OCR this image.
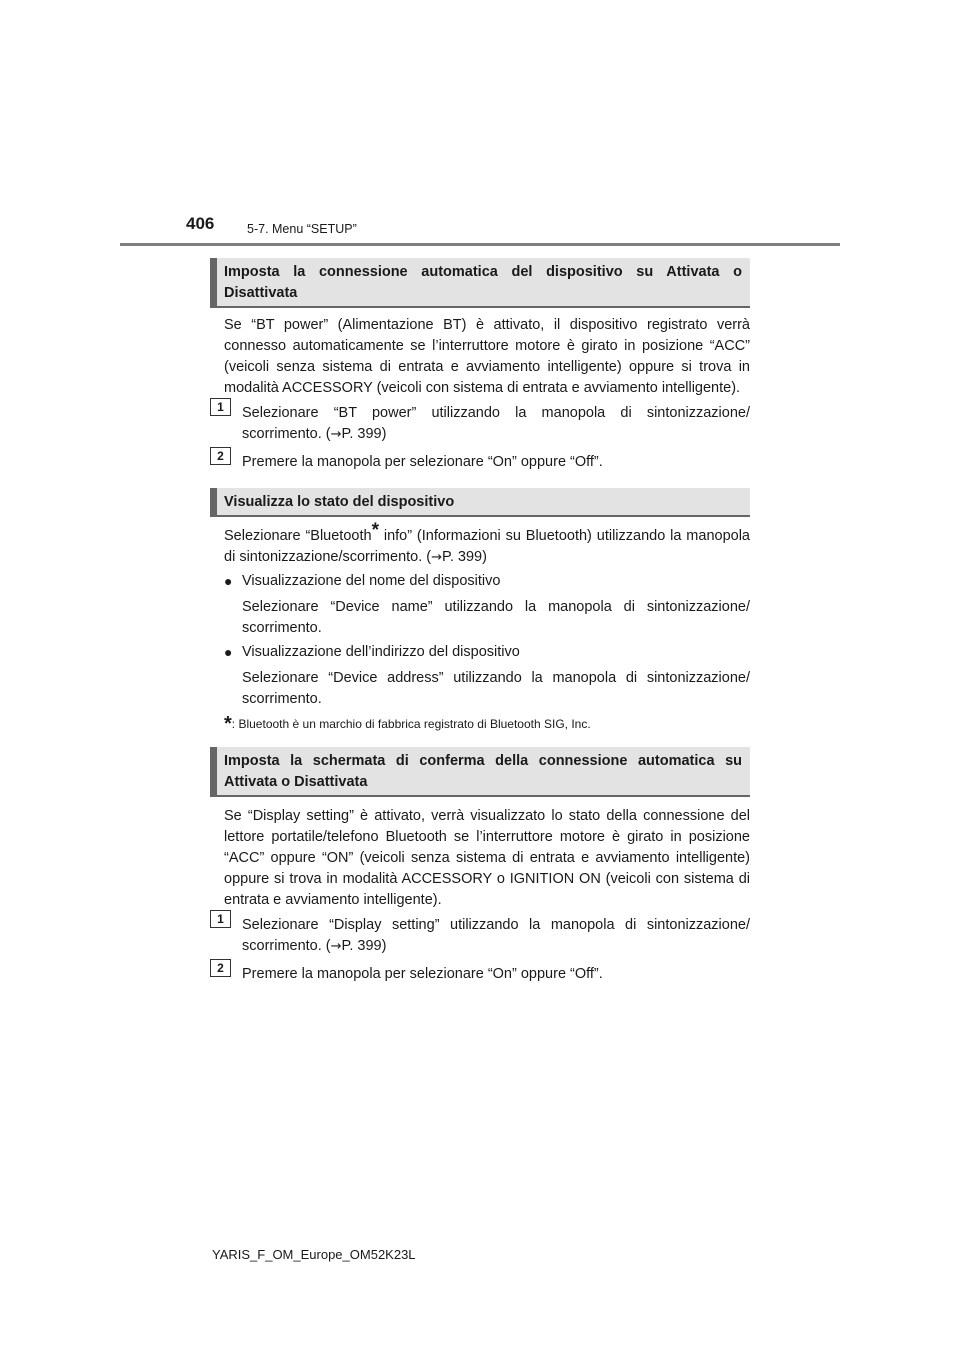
406	5-7. Menu “SETUP”
Imposta la connessione automatica del dispositivo su Attivata o Disattivata
Se “BT power” (Alimentazione BT) è attivato, il dispositivo registrato verrà connesso automaticamente se l’interruttore motore è girato in posizione “ACC” (veicoli senza sistema di entrata e avviamento intelligente) oppure si trova in modalità ACCESSORY (veicoli con sistema di entrata e avviamento intelligente).
1	Selezionare “BT power” utilizzando la manopola di sintonizzazione/ scorrimento. (→P. 399)
2	Premere la manopola per selezionare “On” oppure “Off”.
Visualizza lo stato del dispositivo
Selezionare “Bluetooth* info” (Informazioni su Bluetooth) utilizzando la manopola di sintonizzazione/scorrimento. (→P. 399)
● Visualizzazione del nome del dispositivo
Selezionare “Device name” utilizzando la manopola di sintonizzazione/ scorrimento.
● Visualizzazione dell’indirizzo del dispositivo
Selezionare “Device address” utilizzando la manopola di sintonizzazione/ scorrimento.
*: Bluetooth è un marchio di fabbrica registrato di Bluetooth SIG, Inc.
Imposta la schermata di conferma della connessione automatica su Attivata o Disattivata
Se “Display setting” è attivato, verrà visualizzato lo stato della connessione del lettore portatile/telefono Bluetooth se l’interruttore motore è girato in posizione “ACC” oppure “ON” (veicoli senza sistema di entrata e avviamento intelligente) oppure si trova in modalità ACCESSORY o IGNITION ON (veicoli con sistema di entrata e avviamento intelligente).
1	Selezionare “Display setting” utilizzando la manopola di sintonizzazione/ scorrimento. (→P. 399)
2	Premere la manopola per selezionare “On” oppure “Off”.
YARIS_F_OM_Europe_OM52K23L
